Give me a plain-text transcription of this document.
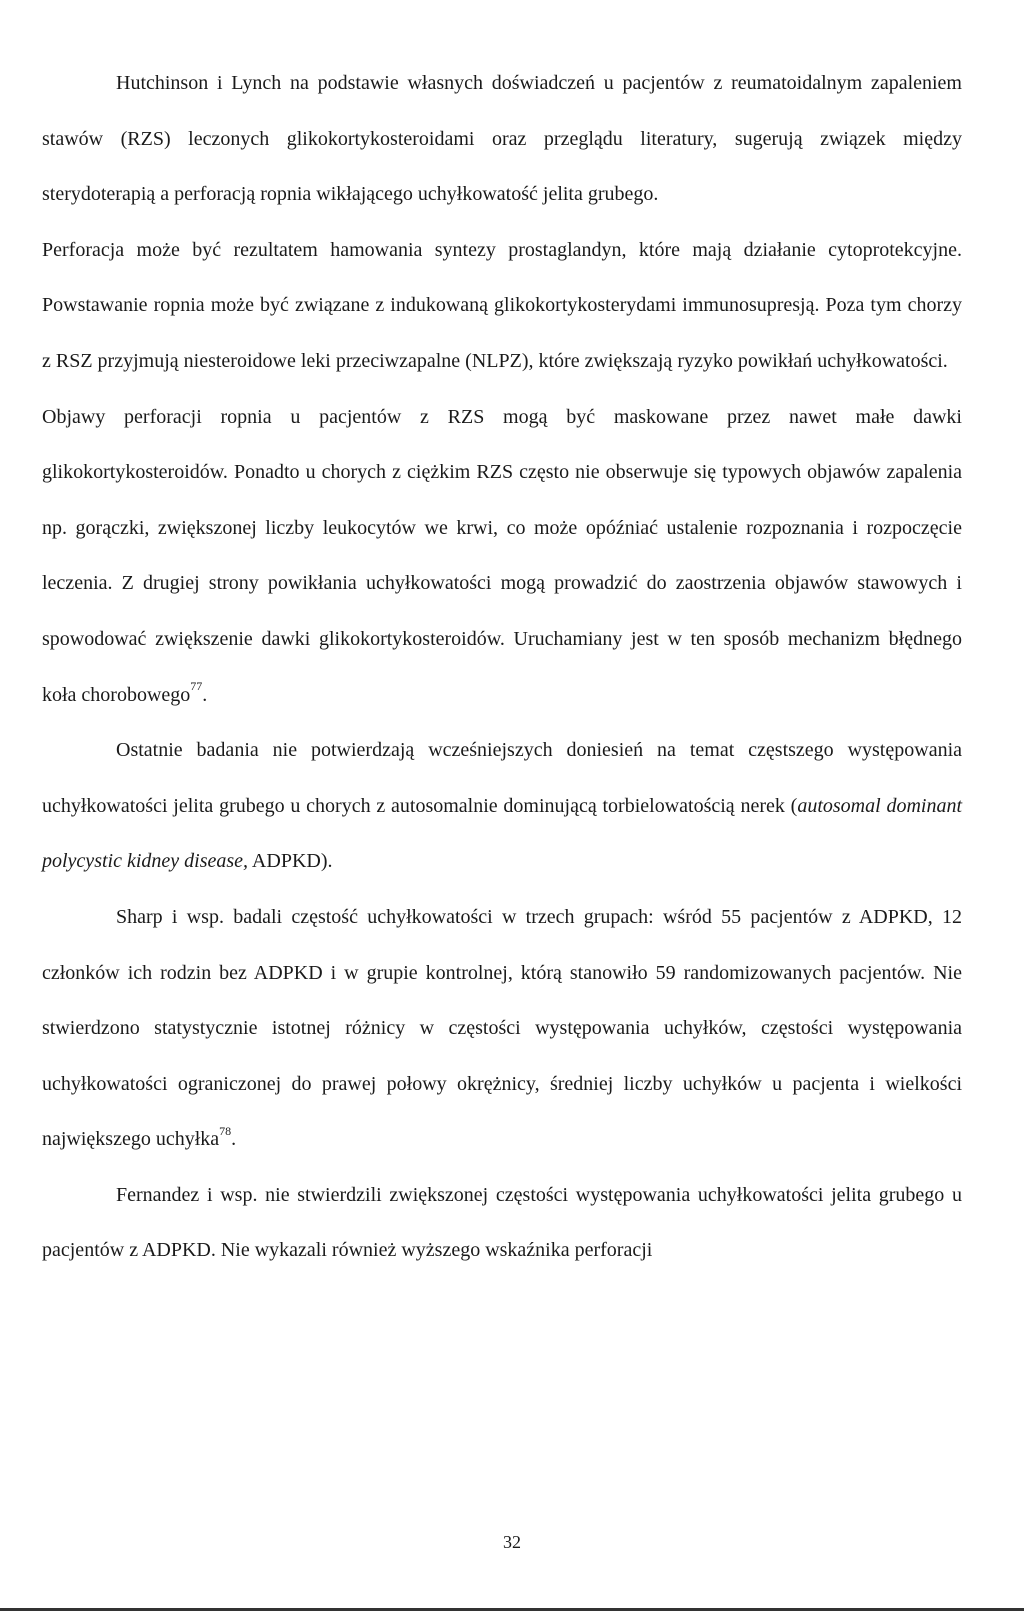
Hutchinson i Lynch na podstawie własnych doświadczeń u pacjentów z reumatoidalnym zapaleniem stawów (RZS) leczonych glikokortykosteroidami oraz przeglądu literatury, sugerują związek między sterydoterapią a perforacją ropnia wikłającego uchyłkowatość jelita grubego.

Perforacja może być rezultatem hamowania syntezy prostaglandyn, które mają działanie cytoprotekcyjne. Powstawanie ropnia może być związane z indukowaną glikokortykosterydami immunosupresją. Poza tym chorzy z RSZ przyjmują niesteroidowe leki przeciwzapalne (NLPZ), które zwiększają ryzyko powikłań uchyłkowatości.

Objawy perforacji ropnia u pacjentów z RZS mogą być maskowane przez nawet małe dawki glikokortykosteroidów. Ponadto u chorych z ciężkim RZS często nie obserwuje się typowych objawów zapalenia np. gorączki, zwiększonej liczby leukocytów we krwi, co może opóźniać ustalenie rozpoznania i rozpoczęcie leczenia. Z drugiej strony powikłania uchyłkowatości mogą prowadzić do zaostrzenia objawów stawowych i spowodować zwiększenie dawki glikokortykosteroidów. Uruchamiany jest w ten sposób mechanizm błędnego koła chorobowego$^{77}$.

Ostatnie badania nie potwierdzają wcześniejszych doniesień na temat częstszego występowania uchyłkowatości jelita grubego u chorych z autosomalnie dominującą torbielowatością nerek (autosomal dominant polycystic kidney disease, ADPKD).

Sharp i wsp. badali częstość uchyłkowatości w trzech grupach: wśród 55 pacjentów z ADPKD, 12 członków ich rodzin bez ADPKD i w grupie kontrolnej, którą stanowiło 59 randomizowanych pacjentów. Nie stwierdzono statystycznie istotnej różnicy w częstości występowania uchyłków, częstości występowania uchyłkowatości ograniczonej do prawej połowy okrężnicy, średniej liczby uchyłków u pacjenta i wielkości największego uchyłka$^{78}$.

Fernandez i wsp. nie stwierdzili zwiększonej częstości występowania uchyłkowatości jelita grubego u pacjentów z ADPKD. Nie wykazali również wyższego wskaźnika perforacji

32
